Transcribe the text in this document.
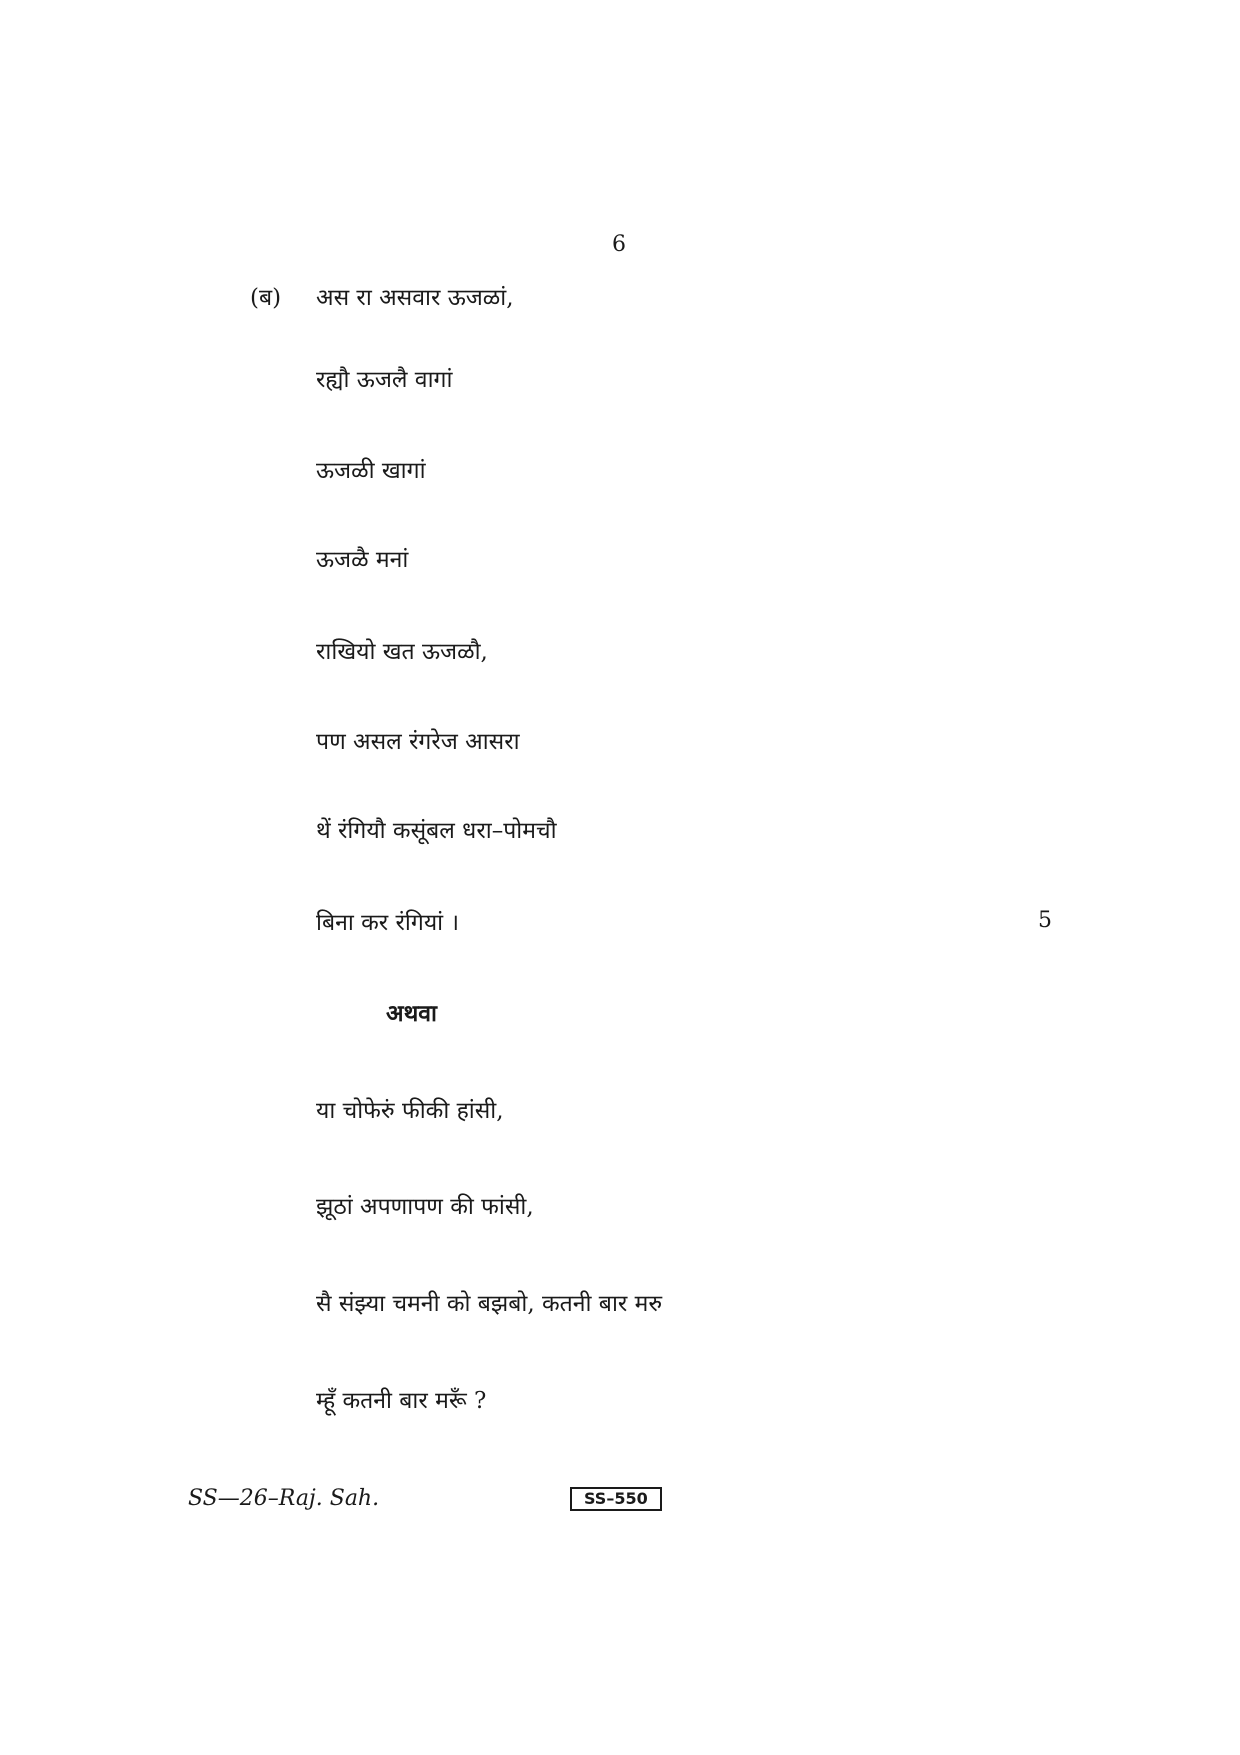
6
(ब) अस रा असवार ऊजळां,
रह्यौ ऊजलै वागां
ऊजळी खागां
ऊजळै मनां
राखियो खत ऊजळौ,
पण असल रंगरेज आसरा
थें रंगियौ कसूंबल धरा–पोमचौ
बिना कर रंगियां ।	5
अथवा
या चोफेरुं फीकी हांसी,
झूठां अपणापण की फांसी,
सै संझ्या चमनी को बझबो, कतनी बार मरु
म्हूँ कतनी बार मरूँ ?
SS—26–Raj. Sah.	SS–550
